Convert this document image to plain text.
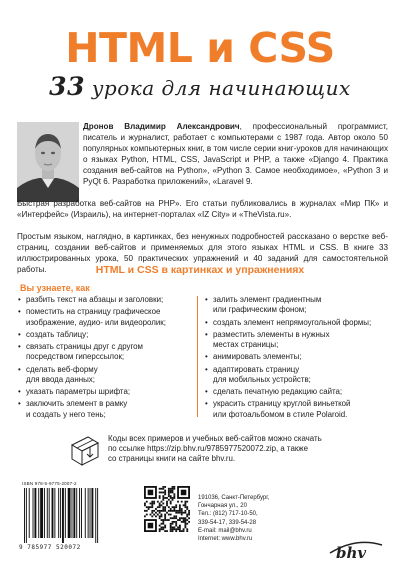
HTML и CSS
33 урока для начинающих
Дронов Владимир Александрович, профессиональный программист, писатель и журналист, работает с компьютерами с 1987 года. Автор около 50 популярных компьютерных книг, в том числе серии книг-уроков для начинающих о языках Python, HTML, CSS, JavaScript и PHP, а также «Django 4. Практика создания веб-сайтов на Python», «Python 3. Самое необходимое», «Python 3 и PyQt 6. Разработка приложений», «Laravel 9.
Быстрая разработка веб-сайтов на PHP». Его статьи публиковались в журналах «Мир ПК» и «Интерфейс» (Израиль), на интернет-порталах «IZ City» и «TheVista.ru».
Простым языком, наглядно, в картинках, без ненужных подробностей рассказано о верстке веб-страниц, создании веб-сайтов и применяемых для этого языках HTML и CSS. В книге 33 иллюстрированных урока, 50 практических упражнений и 40 заданий для самостоятельной работы.	HTML и CSS в картинках и упражнениях
Вы узнаете, как
• разбить текст на абзацы и заголовки;
• поместить на страницу графическое
изображение, аудио- или видеоролик;
• создать таблицу;
• связать страницы друг с другом
посредством гиперссылок;
• сделать веб-форму
для ввода данных;
• указать параметры шрифта;
• заключить элемент в рамку
и создать у него тень;
• залить элемент градиентным
или графическим фоном;
• создать элемент непрямоугольной формы;
• разместить элементы в нужных
местах страницы;
• анимировать элементы;
• адаптировать страницу
для мобильных устройств;
• сделать печатную редакцию сайта;
• украсить страницу круглой виньеткой
или фотоальбомом в стиле Polaroid.
Коды всех примеров и учебных веб-сайтов можно скачать
по ссылке https://zip.bhv.ru/9785977520072.zip, а также
со страницы книги на сайте bhv.ru.
ISBN 978-5-9775-2007-2
9 785977 520072
191036, Санкт-Петербург,
Гончарная ул., 20
Тел.: (812) 717-10-50,
339-54-17, 339-54-28
E-mail: mail@bhv.ru
Internet: www.bhv.ru
bhv
